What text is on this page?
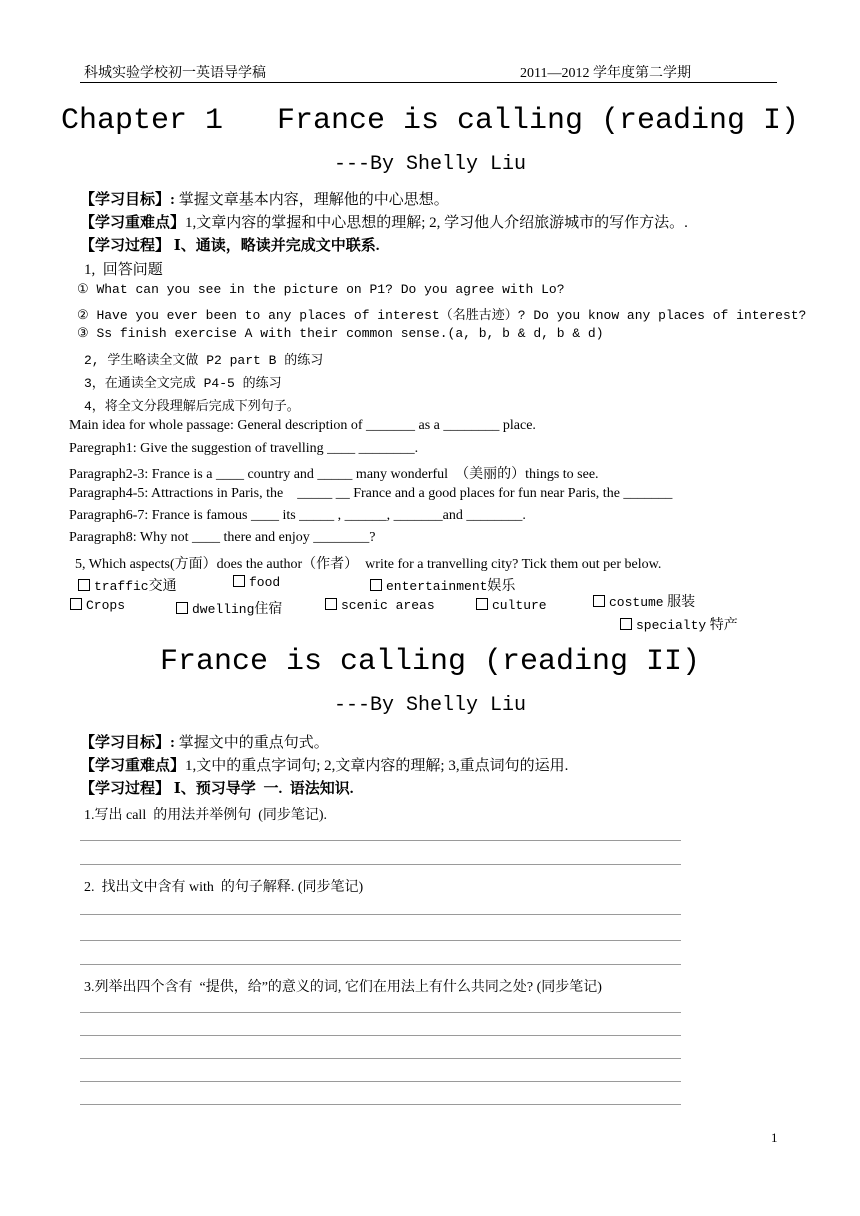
科城实验学校初一英语导学稿	2011—2012 学年度第二学期
Chapter 1   France is calling (reading I)
---By Shelly Liu
【学习目标】: 掌握文章基本内容，理解他的中心思想。
【学习重难点】1,文章内容的掌握和中心思想的理解; 2, 学习他人介绍旅游城市的写作方法。.
【学习过程】 Ⅰ、通读，略读并完成文中联系.
1,  回答问题
① What can you see in the picture on P1? Do you agree with Lo?
② Have you ever been to any places of interest（名胜古迹）? Do you know any places of interest?
③ Ss finish exercise A with their common sense.(a, b, b & d, b & d)
2, 学生略读全文做 P2 part B 的练习
3，在通读全文完成 P4-5 的练习
4，将全文分段理解后完成下列句子。
Main idea for whole passage: General description of _______ as a ________ place.
Paregraph1: Give the suggestion of travelling ____ ________.
Paragraph2-3: France is a ____ country and _____ many wonderful  （美丽的）things to see.
Paragraph4-5: Attractions in Paris, the    _____ __ France and a good places for fun near Paris, the _______
Paragraph6-7: France is famous ____ its _____ , ______, _______and ________.
Paragraph8: Why not ____ there and enjoy ________?
5, Which aspects(方面）does the author（作者）  write for a tranvelling city? Tick them out per below.
traffic交通	food	entertainment娱乐

costume 服装

Crops	dwelling住宿	scenic areas	culture

specialty 特产

France is calling (reading II)
---By Shelly Liu
【学习目标】: 掌握文中的重点句式。
【学习重难点】1,文中的重点字词句; 2,文章内容的理解; 3,重点词句的运用.
【学习过程】 Ⅰ、预习导学 一.  语法知识.
1.写出 call  的用法并举例句  (同步笔记).
2.  找出文中含有 with  的句子解释. (同步笔记)
3.列举出四个含有  “提供，给”的意义的词, 它们在用法上有什么共同之处? (同步笔记)
1
